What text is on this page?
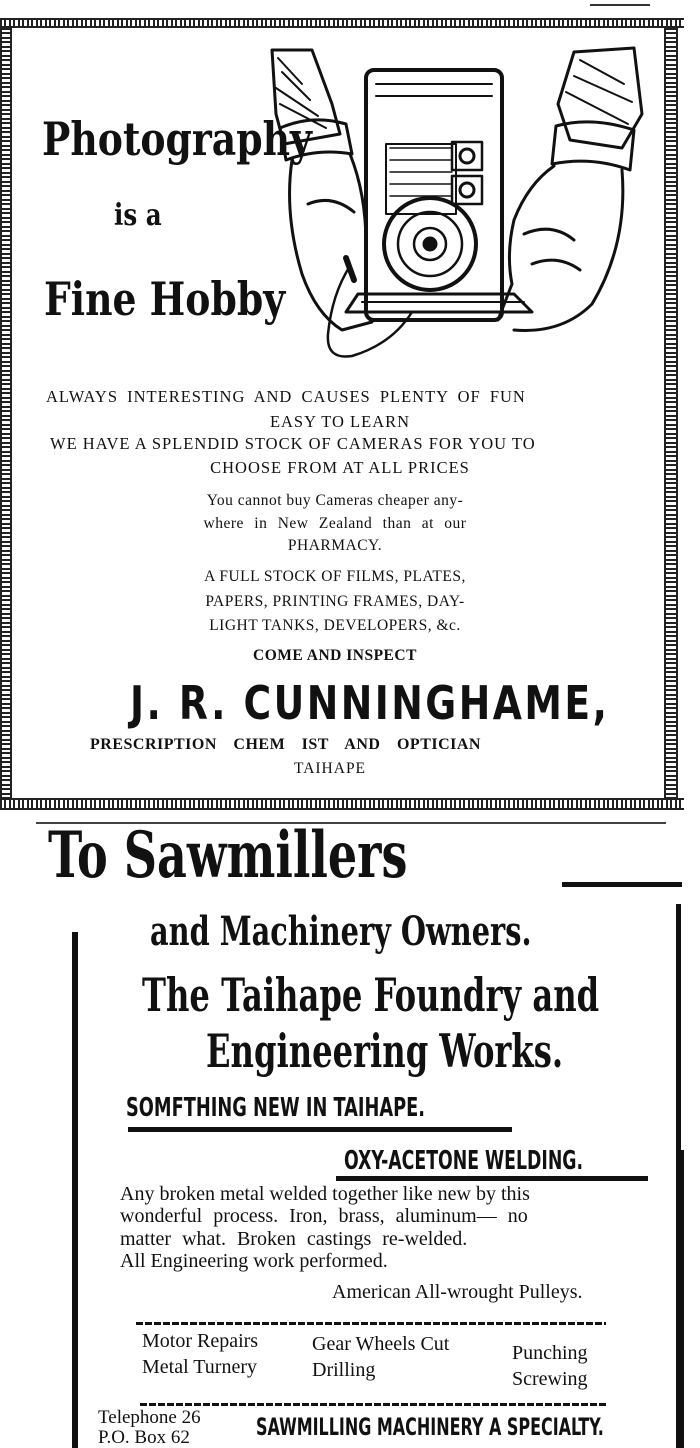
Photography
is a
Fine Hobby
ALWAYS INTERESTING AND CAUSES PLENTY OF FUN
EASY TO LEARN
WE HAVE A SPLENDID STOCK OF CAMERAS FOR YOU TO
CHOOSE FROM AT ALL PRICES
You cannot buy Cameras cheaper any-
where in New Zealand than at our
PHARMACY.
A FULL STOCK OF FILMS, PLATES,
PAPERS, PRINTING FRAMES, DAY-
LIGHT TANKS, DEVELOPERS, &c.
COME AND INSPECT
J. R. CUNNINGHAME,
PRESCRIPTION CHEM IST AND OPTICIAN
TAIHAPE
To Sawmillers
and Machinery Owners.
The Taihape Foundry and
Engineering Works.
SOMFTHING NEW IN TAIHAPE.
OXY-ACETONE WELDING.
Any broken metal welded together like new by this
wonderful process. Iron, brass, aluminum— no
matter what. Broken castings re-welded.
All Engineering work performed.
American All-wrought Pulleys.
Motor Repairs	Gear Wheels Cut	Punching
Metal Turnery	Drilling	Screwing
Telephone 26
P.O. Box 62	SAWMILLING MACHINERY A SPECIALTY.
